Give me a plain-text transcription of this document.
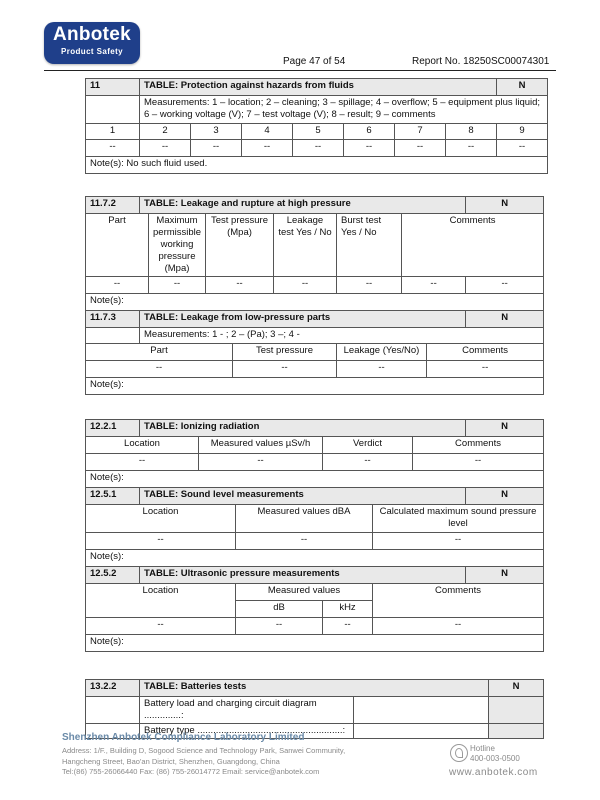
Anbotek
Product Safety
Page 47 of 54	Report No. 18250SC00074301
11	TABLE: Protection against hazards from fluids							N
	Measurements: 1 – location; 2 – cleaning; 3 – spillage; 4 – overflow; 5 – equipment plus liquid; 6 – working voltage (V); 7 – test voltage (V); 8 – result; 9 – comments							
1	2	3	4	5	6	7	8	9
--	--	--	--	--	--	--	--	--
Note(s): No such fluid used.								
11.7.2	TABLE: Leakage and rupture at high pressure								N
Part		Maximum permissible working pressure (Mpa)	Test pressure (Mpa)		Leakage test Yes / No	Burst test Yes / No	Comments		
--		--	--		--	--	--		--
Note(s):									
11.7.3	TABLE: Leakage from low-pressure parts								N
	Measurements: 1 - ; 2 – (Pa); 3 –; 4 -								
Part				Test pressure		Leakage (Yes/No)		Comments	
--				--		--		--	
Note(s):									
12.2.1	TABLE: Ionizing radiation						N
Location		Measured values µSv/h		Verdict		Comments	
--		--		--		--	
Note(s):							
12.5.1	TABLE: Sound level measurements						N
Location			Measured values dBA		Calculated maximum sound pressure level		
--			--		--		
Note(s):							
12.5.2	TABLE: Ultrasonic pressure measurements						N
Location			Measured values		Comments		
			dB	kHz			
--			--	--	--		
Note(s):							
13.2.2	TABLE: Batteries tests		N
	Battery load and charging circuit diagram ..............:		
	Battery type .......................................................:		
Shenzhen Anbotek Compliance Laboratory Limited
Address: 1/F., Building D, Sogood Science and Technology Park, Sanwei Community,
Hangcheng Street, Bao'an District, Shenzhen, Guangdong, China
Tel:(86) 755-26066440 Fax: (86) 755-26014772 Email: service@anbotek.com
Hotline
400-003-0500
www.anbotek.com
